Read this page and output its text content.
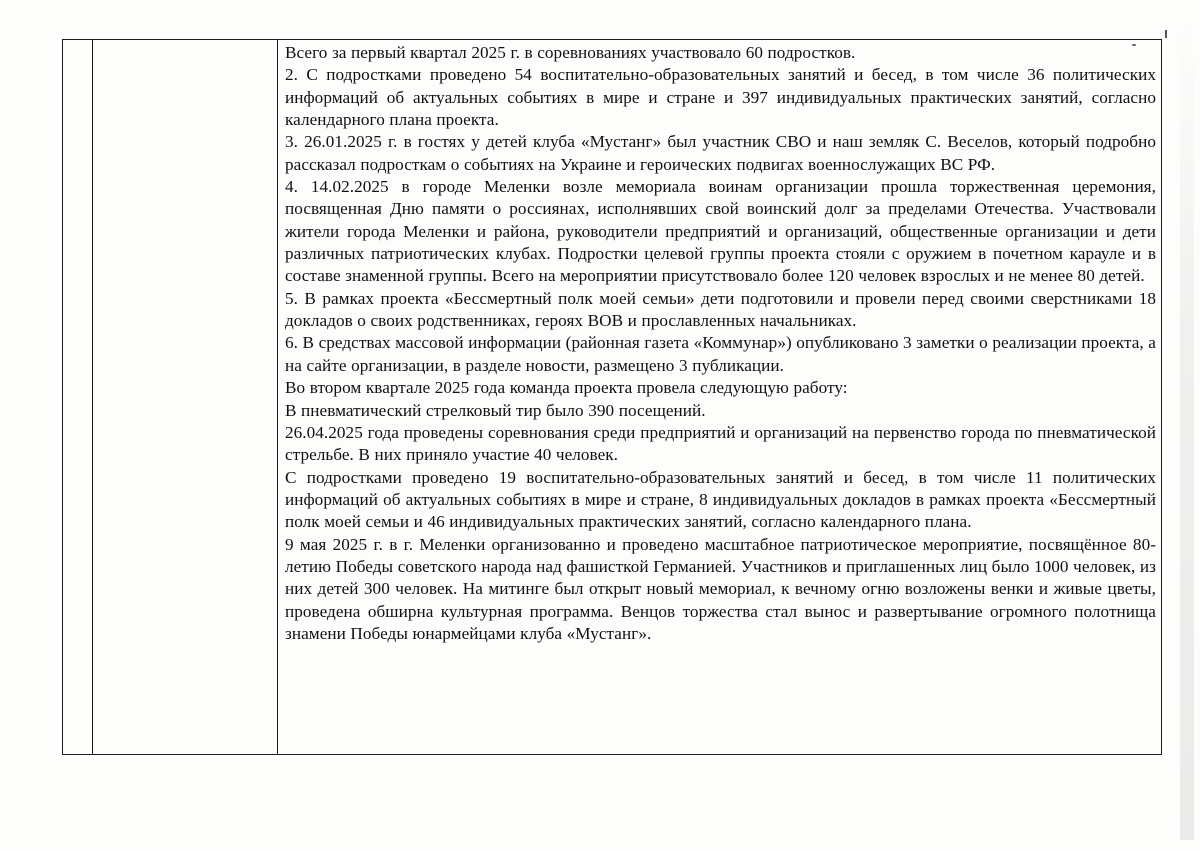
Всего за первый квартал 2025 г. в соревнованиях участвовало 60 подростков.

2. С подростками проведено 54 воспитательно-образовательных занятий и бесед, в том числе 36 политических информаций об актуальных событиях в мире и стране и 397 индивидуальных практических занятий, согласно календарного плана проекта.

3. 26.01.2025 г. в гостях у детей клуба «Мустанг» был участник СВО и наш земляк С. Веселов, который подробно рассказал подросткам о событиях на Украине и героических подвигах военнослужащих ВС РФ.

4. 14.02.2025 в городе Меленки возле мемориала воинам организации прошла торжественная церемония, посвященная Дню памяти о россиянах, исполнявших свой воинский долг за пределами Отечества. Участвовали жители города Меленки и района, руководители предприятий и организаций, общественные организации и дети различных патриотических клубах. Подростки целевой группы проекта стояли с оружием в почетном карауле и в составе знаменной группы. Всего на мероприятии присутствовало более 120 человек взрослых и не менее 80 детей.

5. В рамках проекта «Бессмертный полк моей семьи» дети подготовили и провели перед своими сверстниками 18 докладов о своих родственниках, героях ВОВ и прославленных начальниках.

6. В средствах массовой информации (районная газета «Коммунар») опубликовано 3 заметки о реализации проекта, а на сайте организации, в разделе новости, размещено 3 публикации.

Во втором квартале 2025 года команда проекта провела следующую работу:

В пневматический стрелковый тир было 390 посещений.

26.04.2025 года проведены соревнования среди предприятий и организаций на первенство города по пневматической стрельбе. В них приняло участие 40 человек.

С подростками проведено 19 воспитательно-образовательных занятий и бесед, в том числе 11 политических информаций об актуальных событиях в мире и стране, 8 индивидуальных докладов в рамках проекта «Бессмертный полк моей семьи и 46 индивидуальных практических занятий, согласно календарного плана.

9 мая 2025 г. в г. Меленки организованно и проведено масштабное патриотическое мероприятие, посвящённое 80-летию Победы советского народа над фашисткой Германией. Участников и приглашенных лиц было 1000 человек, из них детей 300 человек. На митинге был открыт новый мемориал, к вечному огню возложены венки и живые цветы, проведена обширна культурная программа. Венцов торжества стал вынос и развертывание огромного полотнища знамени Победы юнармейцами клуба «Мустанг».
